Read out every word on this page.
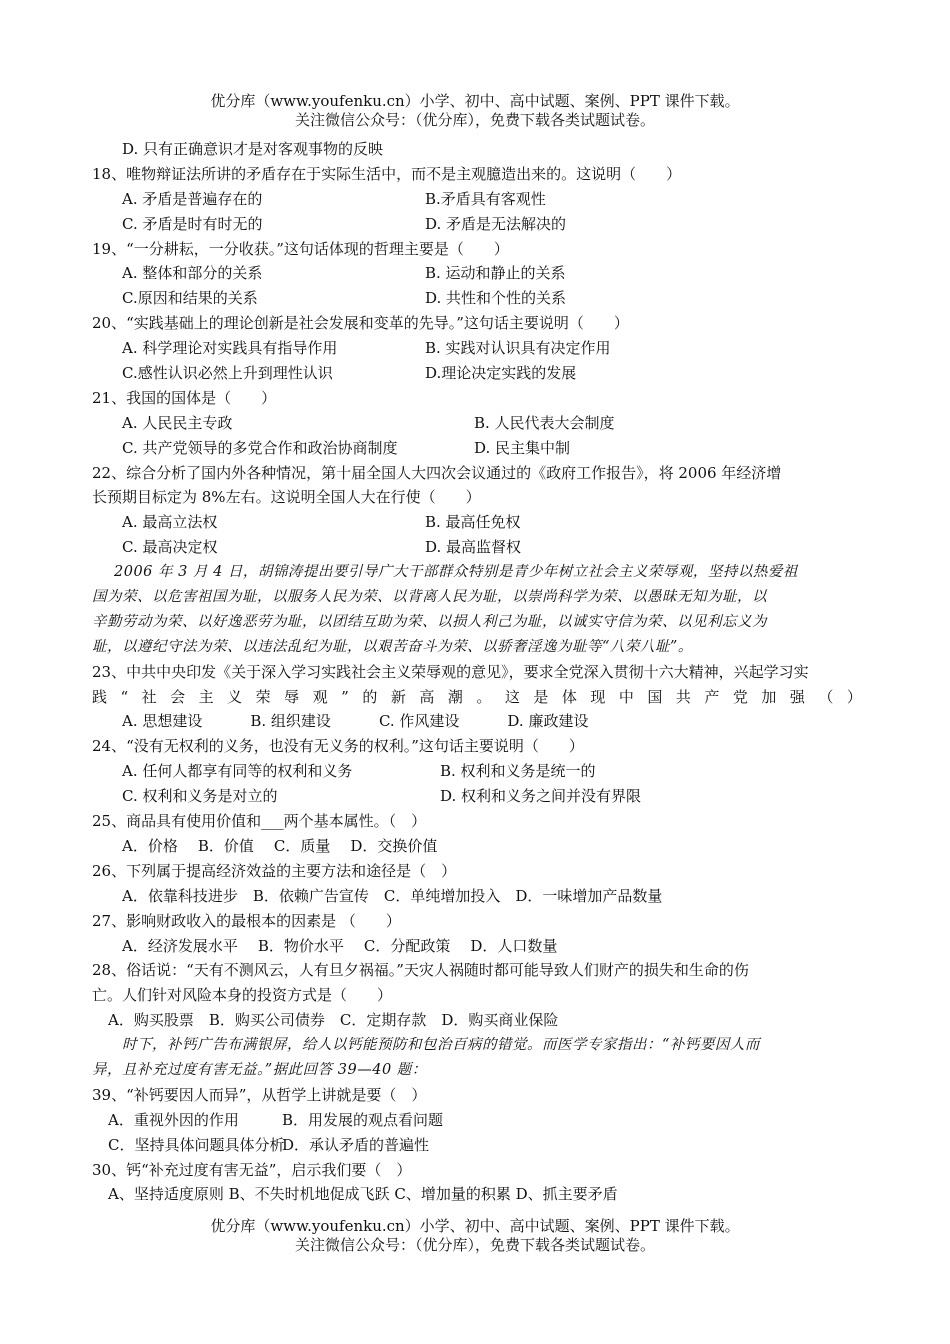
优分库（www.youfenku.cn）小学、初中、高中试题、案例、PPT 课件下载。
关注微信公众号：（优分库），免费下载各类试题试卷。
D. 只有正确意识才是对客观事物的反映
18、唯物辩证法所讲的矛盾存在于实际生活中，而不是主观臆造出来的。这说明（　　）
A. 矛盾是普遍存在的	B.矛盾具有客观性
C. 矛盾是时有时无的	D. 矛盾是无法解决的
19、“一分耕耘，一分收获。”这句话体现的哲理主要是（　　）
A. 整体和部分的关系	B. 运动和静止的关系
C.原因和结果的关系	D. 共性和个性的关系
20、“实践基础上的理论创新是社会发展和变革的先导。”这句话主要说明（　　）
A. 科学理论对实践具有指导作用	B. 实践对认识具有决定作用
C.感性认识必然上升到理性认识	D.理论决定实践的发展
21、我国的国体是（　　）
A. 人民民主专政	B. 人民代表大会制度
C. 共产党领导的多党合作和政治协商制度	D. 民主集中制
22、综合分析了国内外各种情况，第十届全国人大四次会议通过的《政府工作报告》，将 2006 年经济增
长预期目标定为 8%左右。这说明全国人大在行使（　　）
A. 最高立法权	B. 最高任免权
C. 最高决定权	D. 最高监督权
2006 年 3 月 4 日，胡锦涛提出要引导广大干部群众特别是青少年树立社会主义荣辱观，坚持以热爱祖
国为荣、以危害祖国为耻，以服务人民为荣、以背离人民为耻，以崇尚科学为荣、以愚昧无知为耻，以
辛勤劳动为荣、以好逸恶劳为耻，以团结互助为荣、以损人利己为耻，以诚实守信为荣、以见利忘义为
耻，以遵纪守法为荣、以违法乱纪为耻，以艰苦奋斗为荣、以骄奢淫逸为耻等“八荣八耻”。
23、中共中央印发《关于深入学习实践社会主义荣辱观的意见》，要求全党深入贯彻十六大精神，兴起学习实
践 “ 社 会 主 义 荣 辱 观 ” 的 新 高 潮 。 这 是 体 现 中 国 共 产 党 加 强 （ ）
A. 思想建设	B. 组织建设	C. 作风建设	D. 廉政建设
24、“没有无权利的义务，也没有无义务的权利。”这句话主要说明（　　）
A. 任何人都享有同等的权利和义务	B. 权利和义务是统一的
C. 权利和义务是对立的	D. 权利和义务之间并没有界限
25、商品具有使用价值和___两个基本属性。（　）
A．价格 B．价值 C．质量 D．交换价值
26、下列属于提高经济效益的主要方法和途径是（　）
A．依靠科技进步　B．依赖广告宣传　C．单纯增加投入　D．一味增加产品数量
27、影响财政收入的最根本的因素是 （　　）
A．经济发展水平 B．物价水平 C．分配政策 D．人口数量
28、俗话说：“天有不测风云，人有旦夕祸福。”天灾人祸随时都可能导致人们财产的损失和生命的伤
亡。人们针对风险本身的投资方式是（　　）
A．购买股票　B．购买公司债券　C．定期存款　D．购买商业保险
时下，补钙广告布满银屏，给人以钙能预防和包治百病的错觉。而医学专家指出：“补钙要因人而
异，且补充过度有害无益。”据此回答 39—40 题：
39、“补钙要因人而异”，从哲学上讲就是要（　）
A．重视外因的作用	B．用发展的观点看问题
C．坚持具体问题具体分析
D．承认矛盾的普遍性
30、钙“补充过度有害无益”，启示我们要（　）
A、坚持适度原则 B、不失时机地促成飞跃 C、增加量的积累 D、抓主要矛盾
优分库（www.youfenku.cn）小学、初中、高中试题、案例、PPT 课件下载。
关注微信公众号：（优分库），免费下载各类试题试卷。
